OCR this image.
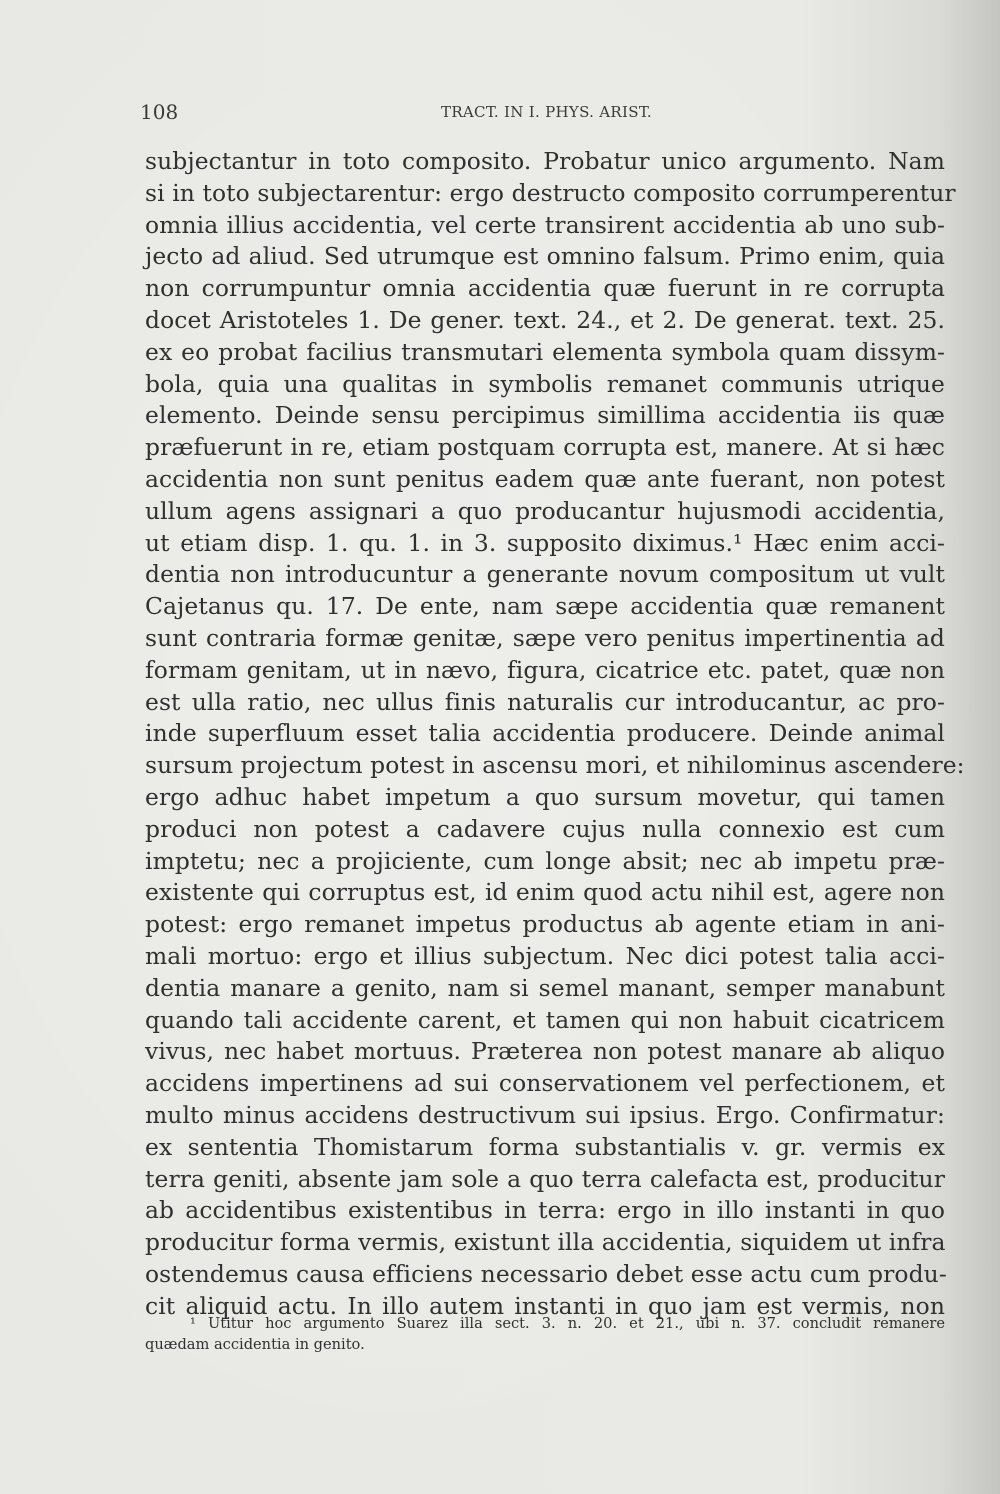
108	TRACT. IN I. PHYS. ARIST.
subjectantur in toto composito. Probatur unico argumento. Nam
si in toto subjectarentur: ergo destructo composito corrumperentur
omnia illius accidentia, vel certe transirent accidentia ab uno sub-
jecto ad aliud. Sed utrumque est omnino falsum. Primo enim, quia
non corrumpuntur omnia accidentia quæ fuerunt in re corrupta
docet Aristoteles 1. De gener. text. 24., et 2. De generat. text. 25.
ex eo probat facilius transmutari elementa symbola quam dissym-
bola, quia una qualitas in symbolis remanet communis utrique
elemento. Deinde sensu percipimus simillima accidentia iis quæ
præfuerunt in re, etiam postquam corrupta est, manere. At si hæc
accidentia non sunt penitus eadem quæ ante fuerant, non potest
ullum agens assignari a quo producantur hujusmodi accidentia,
ut etiam disp. 1. qu. 1. in 3. supposito diximus.¹ Hæc enim acci-
dentia non introducuntur a generante novum compositum ut vult
Cajetanus qu. 17. De ente, nam sæpe accidentia quæ remanent
sunt contraria formæ genitæ, sæpe vero penitus impertinentia ad
formam genitam, ut in nævo, figura, cicatrice etc. patet, quæ non
est ulla ratio, nec ullus finis naturalis cur introducantur, ac pro-
inde superfluum esset talia accidentia producere. Deinde animal
sursum projectum potest in ascensu mori, et nihilominus ascendere:
ergo adhuc habet impetum a quo sursum movetur, qui tamen
produci non potest a cadavere cujus nulla connexio est cum
imptetu; nec a projiciente, cum longe absit; nec ab impetu præ-
existente qui corruptus est, id enim quod actu nihil est, agere non
potest: ergo remanet impetus productus ab agente etiam in ani-
mali mortuo: ergo et illius subjectum. Nec dici potest talia acci-
dentia manare a genito, nam si semel manant, semper manabunt
quando tali accidente carent, et tamen qui non habuit cicatricem
vivus, nec habet mortuus. Præterea non potest manare ab aliquo
accidens impertinens ad sui conservationem vel perfectionem, et
multo minus accidens destructivum sui ipsius. Ergo. Confirmatur:
ex sententia Thomistarum forma substantialis v. gr. vermis ex
terra geniti, absente jam sole a quo terra calefacta est, producitur
ab accidentibus existentibus in terra: ergo in illo instanti in quo
producitur forma vermis, existunt illa accidentia, siquidem ut infra
ostendemus causa efficiens necessario debet esse actu cum produ-
cit aliquid actu. In illo autem instanti in quo jam est vermis, non
¹ Utitur hoc argumento Suarez illa sect. 3. n. 20. et 21., ubi n. 37. concludit remanere
quædam accidentia in genito.
